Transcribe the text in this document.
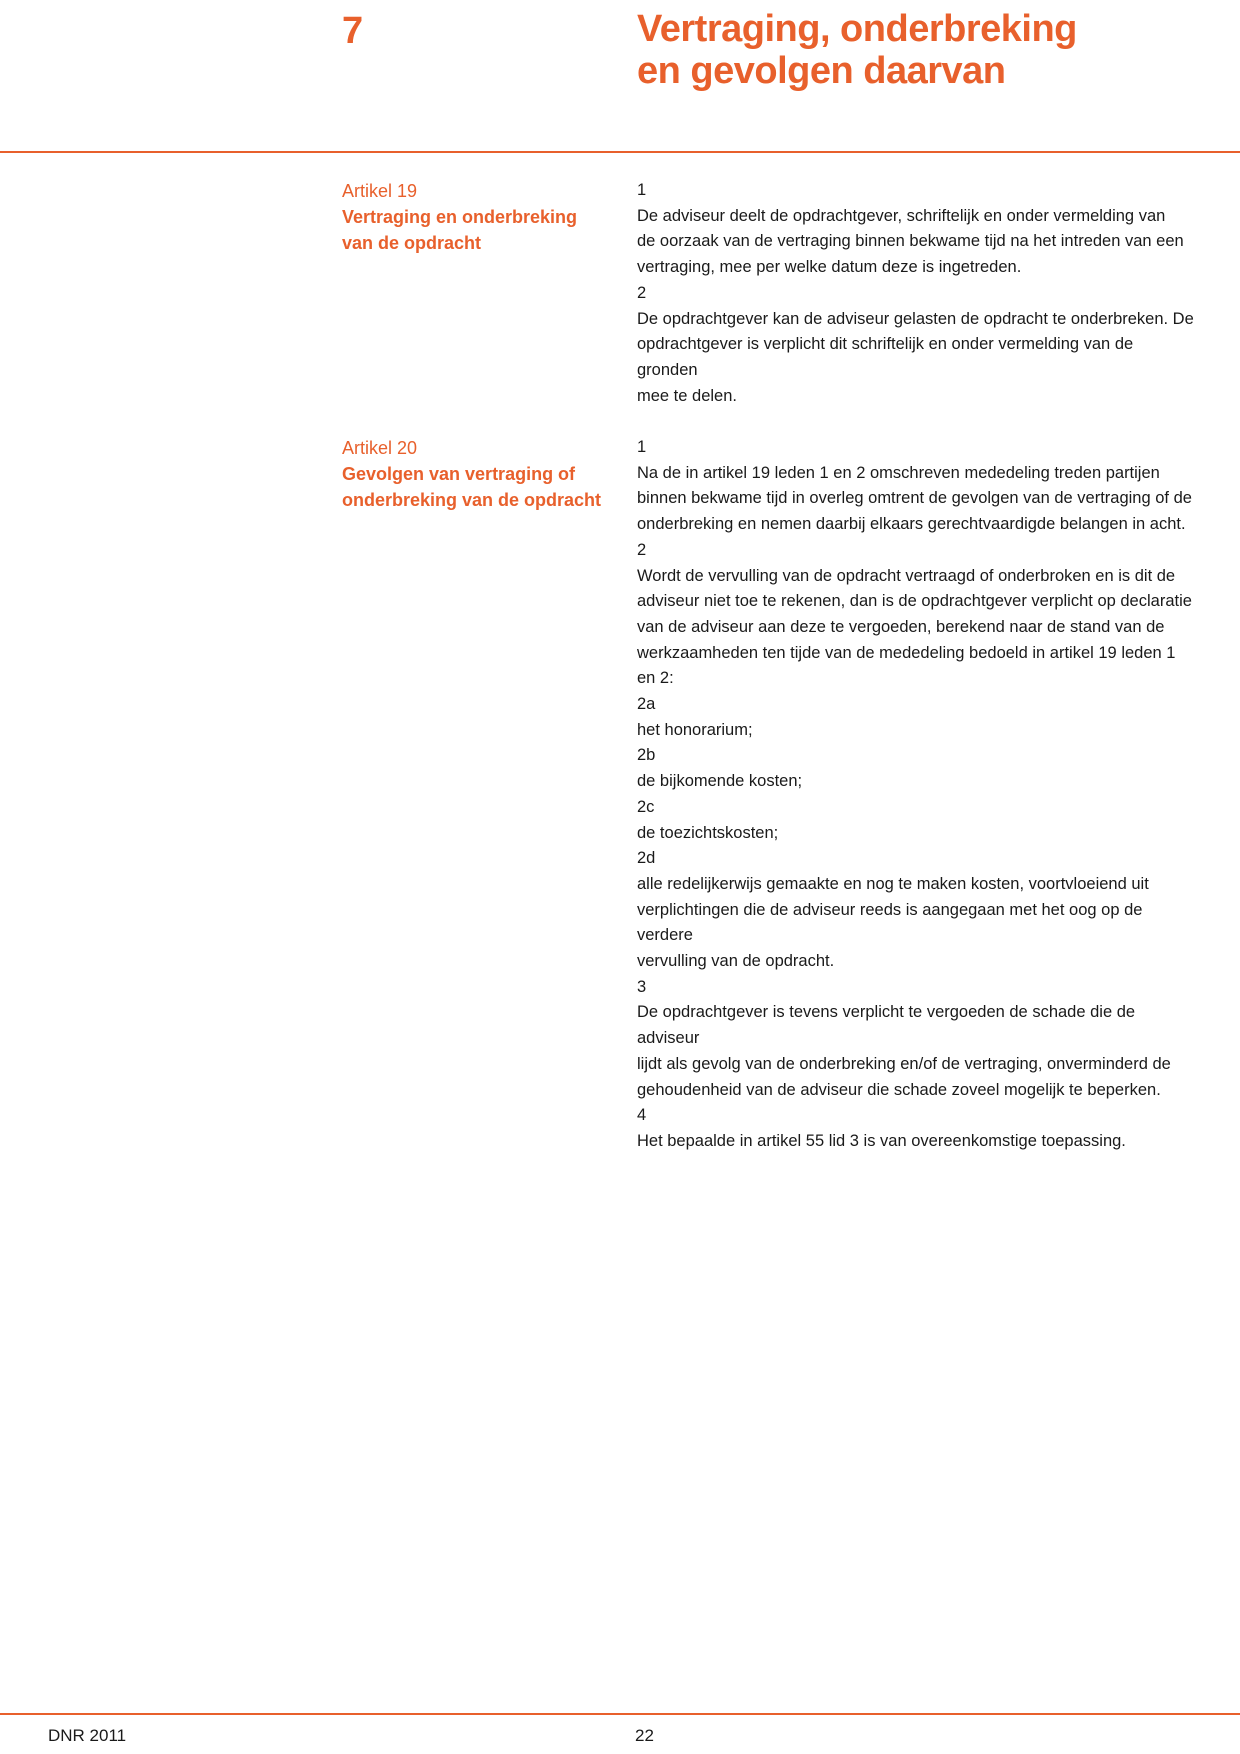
7	Vertraging, onderbreking
en gevolgen daarvan
Artikel 19
Vertraging en onderbreking
van de opdracht

1
De adviseur deelt de opdrachtgever, schriftelijk en onder vermelding van
de oorzaak van de vertraging binnen bekwame tijd na het intreden van een
vertraging, mee per welke datum deze is ingetreden.

2
De opdrachtgever kan de adviseur gelasten de opdracht te onderbreken. De
opdrachtgever is verplicht dit schriftelijk en onder vermelding van de gronden
mee te delen.

Artikel 20
Gevolgen van vertraging of
onderbreking van de opdracht

1
Na de in artikel 19 leden 1 en 2 omschreven mededeling treden partijen
binnen bekwame tijd in overleg omtrent de gevolgen van de vertraging of de
onderbreking en nemen daarbij elkaars gerechtvaardigde belangen in acht.

2
Wordt de vervulling van de opdracht vertraagd of onderbroken en is dit de
adviseur niet toe te rekenen, dan is de opdrachtgever verplicht op declaratie
van de adviseur aan deze te vergoeden, berekend naar de stand van de
werkzaamheden ten tijde van de mededeling bedoeld in artikel 19 leden 1
en 2:

2a
het honorarium;

2b
de bijkomende kosten;

2c
de toezichtskosten;

2d
alle redelijkerwijs gemaakte en nog te maken kosten, voortvloeiend uit
verplichtingen die de adviseur reeds is aangegaan met het oog op de verdere
vervulling van de opdracht.

3
De opdrachtgever is tevens verplicht te vergoeden de schade die de adviseur
lijdt als gevolg van de onderbreking en/of de vertraging, onverminderd de
gehoudenheid van de adviseur die schade zoveel mogelijk te beperken.

4
Het bepaalde in artikel 55 lid 3 is van overeenkomstige toepassing.

DNR 2011	22
